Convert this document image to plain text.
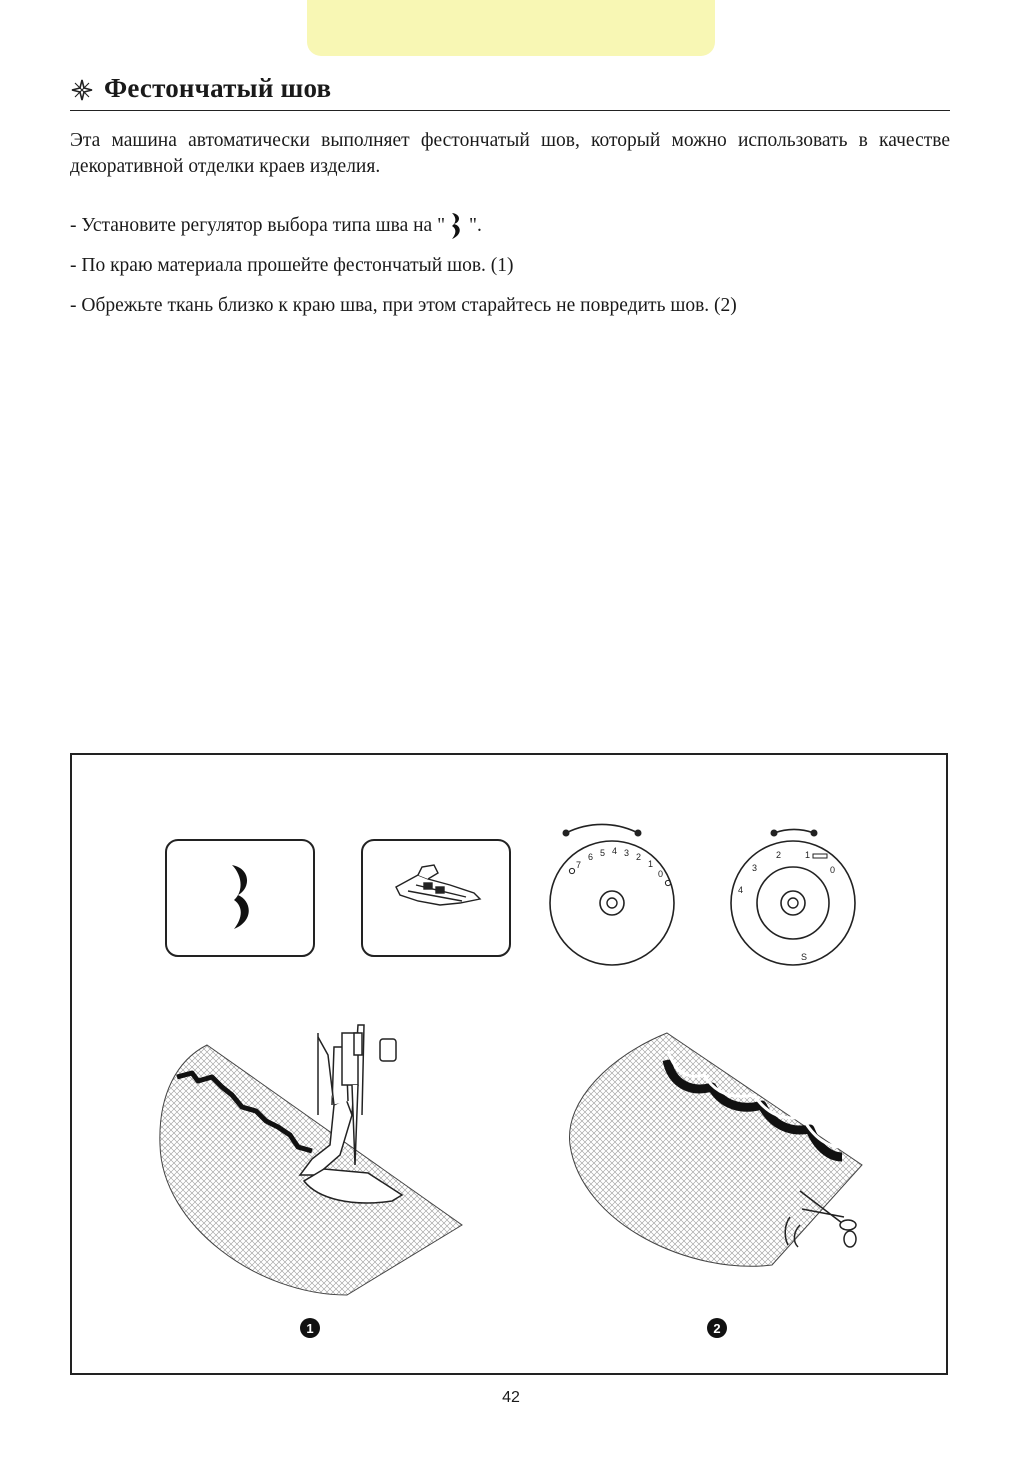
Фестончатый шов
Эта машина автоматически выполняет фестончатый шов, который можно использовать в качестве декоративной отделки краев изделия.
- Установите регулятор выбора типа шва на " ".
- По краю материала прошейте фестончатый шов. (1)
- Обрежьте ткань близко к краю шва, при этом старайтесь не повредить шов. (2)
7
6 5 4 3 2
1
0
4
3
2	1
0
S
1	2
42
